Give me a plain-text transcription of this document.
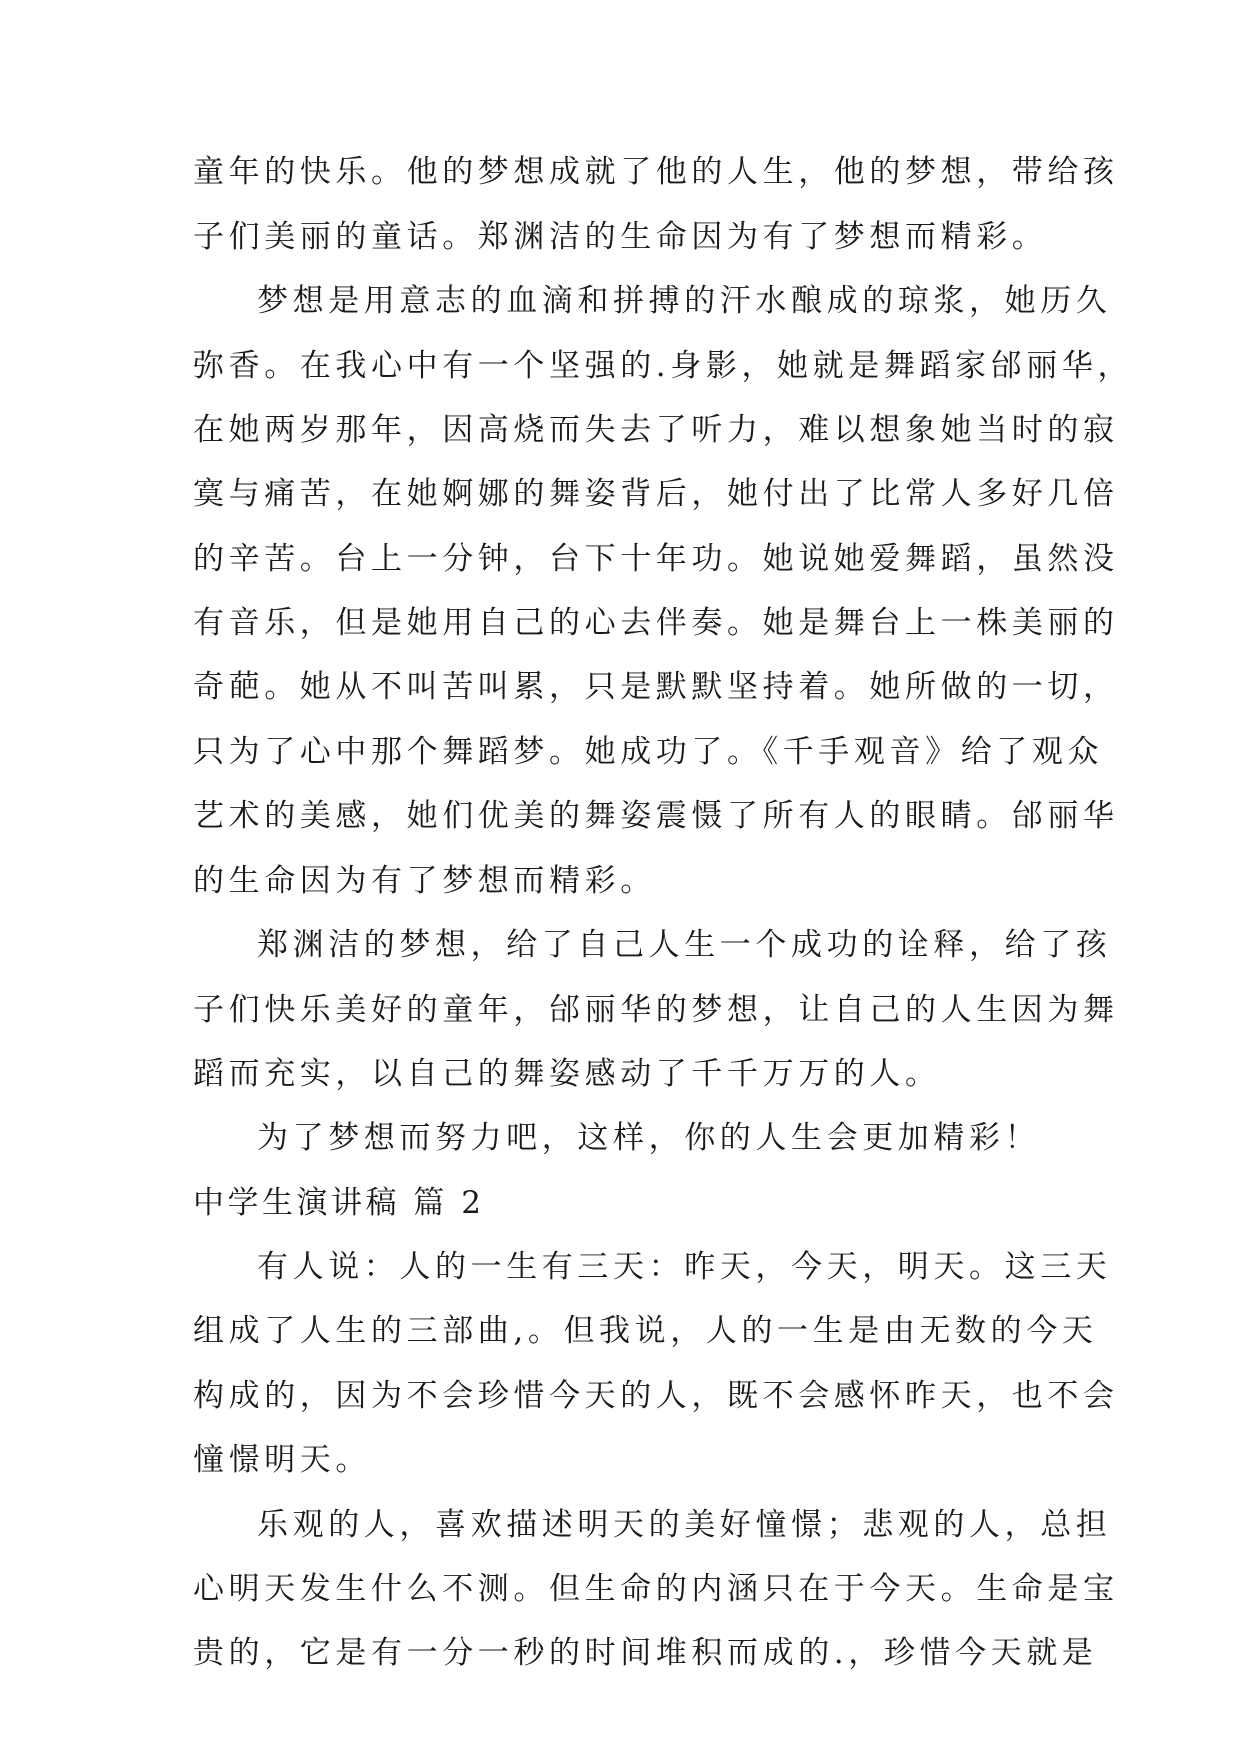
童年的快乐。他的梦想成就了他的人生，他的梦想，带给孩
子们美丽的童话。郑渊洁的生命因为有了梦想而精彩。
梦想是用意志的血滴和拼搏的汗水酿成的琼浆，她历久
弥香。在我心中有一个坚强的.身影，她就是舞蹈家邰丽华，
在她两岁那年，因高烧而失去了听力，难以想象她当时的寂
寞与痛苦，在她婀娜的舞姿背后，她付出了比常人多好几倍
的辛苦。台上一分钟，台下十年功。她说她爱舞蹈，虽然没
有音乐，但是她用自己的心去伴奏。她是舞台上一株美丽的
奇葩。她从不叫苦叫累，只是默默坚持着。她所做的一切，
只为了心中那个舞蹈梦。她成功了。《千手观音》给了观众
艺术的美感，她们优美的舞姿震慑了所有人的眼睛。邰丽华
的生命因为有了梦想而精彩。
郑渊洁的梦想，给了自己人生一个成功的诠释，给了孩
子们快乐美好的童年，邰丽华的梦想，让自己的人生因为舞
蹈而充实，以自己的舞姿感动了千千万万的人。
为了梦想而努力吧，这样，你的人生会更加精彩！
中学生演讲稿 篇 2
有人说：人的一生有三天：昨天，今天，明天。这三天
组成了人生的三部曲,。但我说，人的一生是由无数的今天
构成的，因为不会珍惜今天的人，既不会感怀昨天，也不会
憧憬明天。
乐观的人，喜欢描述明天的美好憧憬；悲观的人，总担
心明天发生什么不测。但生命的内涵只在于今天。生命是宝
贵的，它是有一分一秒的时间堆积而成的.，珍惜今天就是
